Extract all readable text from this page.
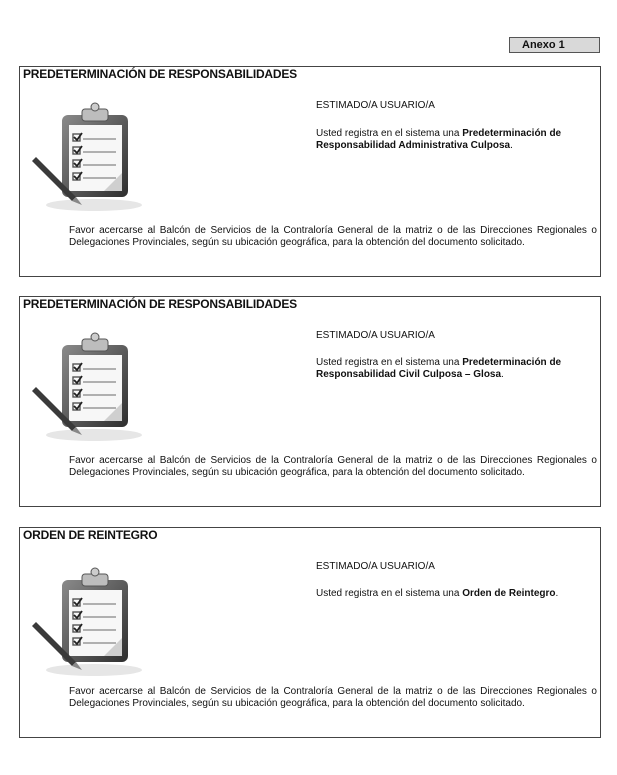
Anexo 1
PREDETERMINACIÓN DE RESPONSABILIDADES
ESTIMADO/A USUARIO/A
Usted registra en el sistema una Predeterminación de Responsabilidad Administrativa Culposa.
Favor acercarse al Balcón de Servicios de la Contraloría General de la matriz o de las Direcciones Regionales o Delegaciones Provinciales, según su ubicación geográfica, para la obtención del documento solicitado.
PREDETERMINACIÓN DE RESPONSABILIDADES
ESTIMADO/A USUARIO/A
Usted registra en el sistema una Predeterminación de Responsabilidad Civil Culposa – Glosa.
Favor acercarse al Balcón de Servicios de la Contraloría General de la matriz o de las Direcciones Regionales o Delegaciones Provinciales, según su ubicación geográfica, para la obtención del documento solicitado.
ORDEN DE REINTEGRO
ESTIMADO/A USUARIO/A
Usted registra en el sistema una Orden de Reintegro.
Favor acercarse al Balcón de Servicios de la Contraloría General de la matriz o de las Direcciones Regionales o Delegaciones Provinciales, según su ubicación geográfica, para la obtención del documento solicitado.
